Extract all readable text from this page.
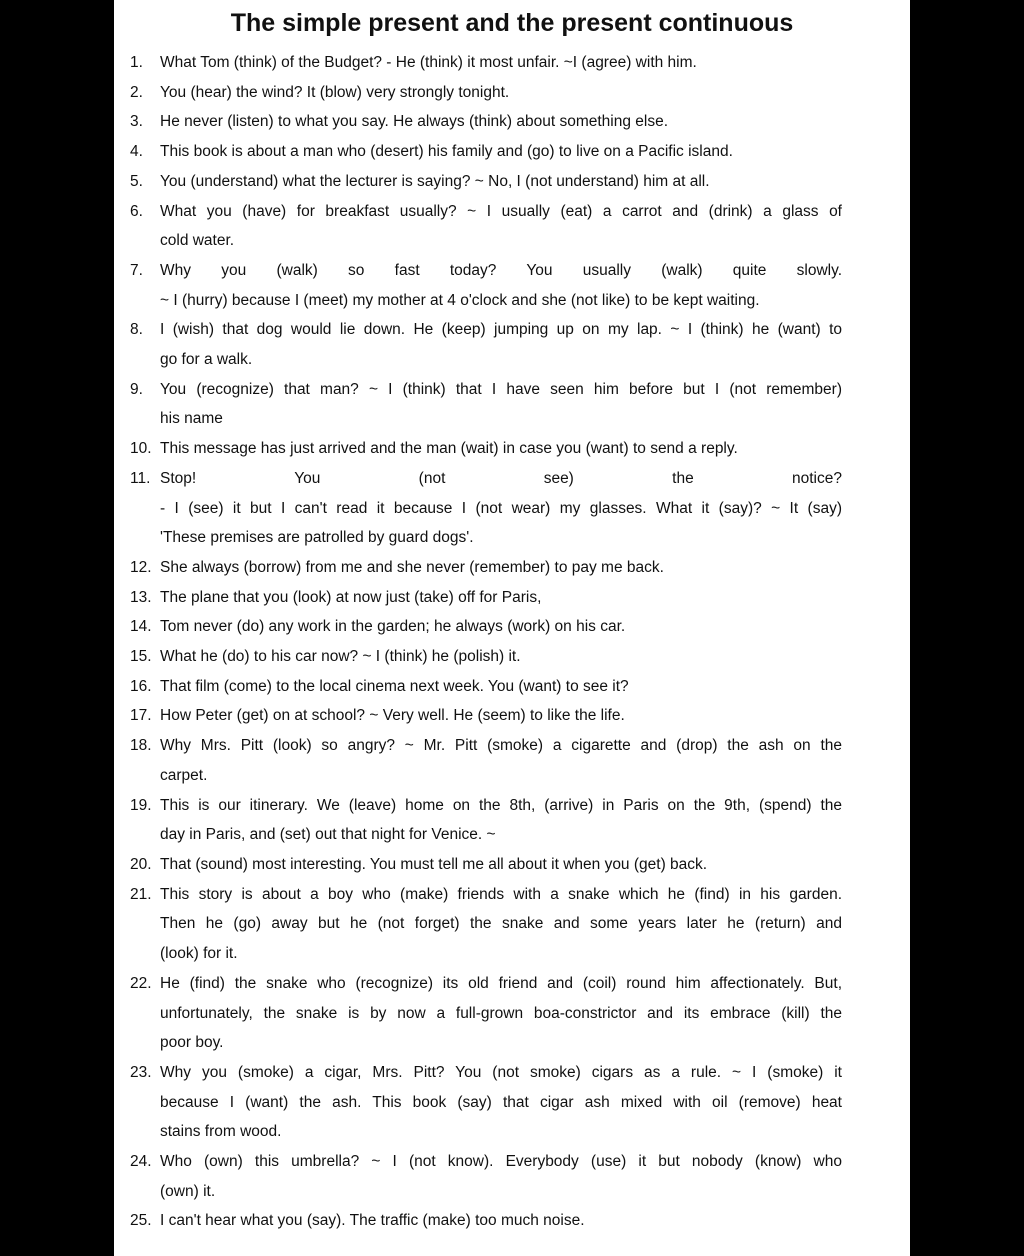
The simple present and the present continuous
1.	What Tom (think) of the Budget? - He (think) it most unfair. ~I (agree) with him.
2.	You (hear) the wind? It (blow) very strongly tonight.
3.	He never (listen) to what you say. He always (think) about something else.
4.	This book is about a man who (desert) his family and (go) to live on a Pacific island.
5.	You (understand) what the lecturer is saying? ~ No, I (not understand) him at all.
6.	What you (have) for breakfast usually? ~ I usually (eat) a carrot and (drink) a glass of
cold water.
7.	Why you (walk) so fast today? You usually (walk) quite slowly.
~ I (hurry) because I (meet) my mother at 4 o'clock and she (not like) to be kept waiting.
8.	I (wish) that dog would lie down. He (keep) jumping up on my lap. ~ I (think) he (want) to
go for a walk.
9.	You (recognize) that man? ~ I (think) that I have seen him before but I (not remember)
his name
10. This message has just arrived and the man (wait) in case you (want) to send a reply.
11. Stop! You (not see) the notice?
- I (see) it but I can't read it because I (not wear) my glasses. What it (say)? ~ It (say)
'These premises are patrolled by guard dogs'.
12. She always (borrow) from me and she never (remember) to pay me back.
13. The plane that you (look) at now just (take) off for Paris,
14. Tom never (do) any work in the garden; he always (work) on his car.
15. What he (do) to his car now? ~ I (think) he (polish) it.
16. That film (come) to the local cinema next week. You (want) to see it?
17. How Peter (get) on at school? ~ Very well. He (seem) to like the life.
18. Why Mrs. Pitt (look) so angry? ~ Mr. Pitt (smoke) a cigarette and (drop) the ash on the
carpet.
19. This is our itinerary. We (leave) home on the 8th, (arrive) in Paris on the 9th, (spend) the
day in Paris, and (set) out that night for Venice. ~
20. That (sound) most interesting. You must tell me all about it when you (get) back.
21. This story is about a boy who (make) friends with a snake which he (find) in his garden.
Then he (go) away but he (not forget) the snake and some years later he (return) and
(look) for it.
22. He (find) the snake who (recognize) its old friend and (coil) round him affectionately. But,
unfortunately, the snake is by now a full-grown boa-constrictor and its embrace (kill) the
poor boy.
23. Why you (smoke) a cigar, Mrs. Pitt? You (not smoke) cigars as a rule. ~ I (smoke) it
because I (want) the ash. This book (say) that cigar ash mixed with oil (remove) heat
stains from wood.
24. Who (own) this umbrella? ~ I (not know). Everybody (use) it but nobody (know) who
(own) it.
25. I can't hear what you (say). The traffic (make) too much noise.
